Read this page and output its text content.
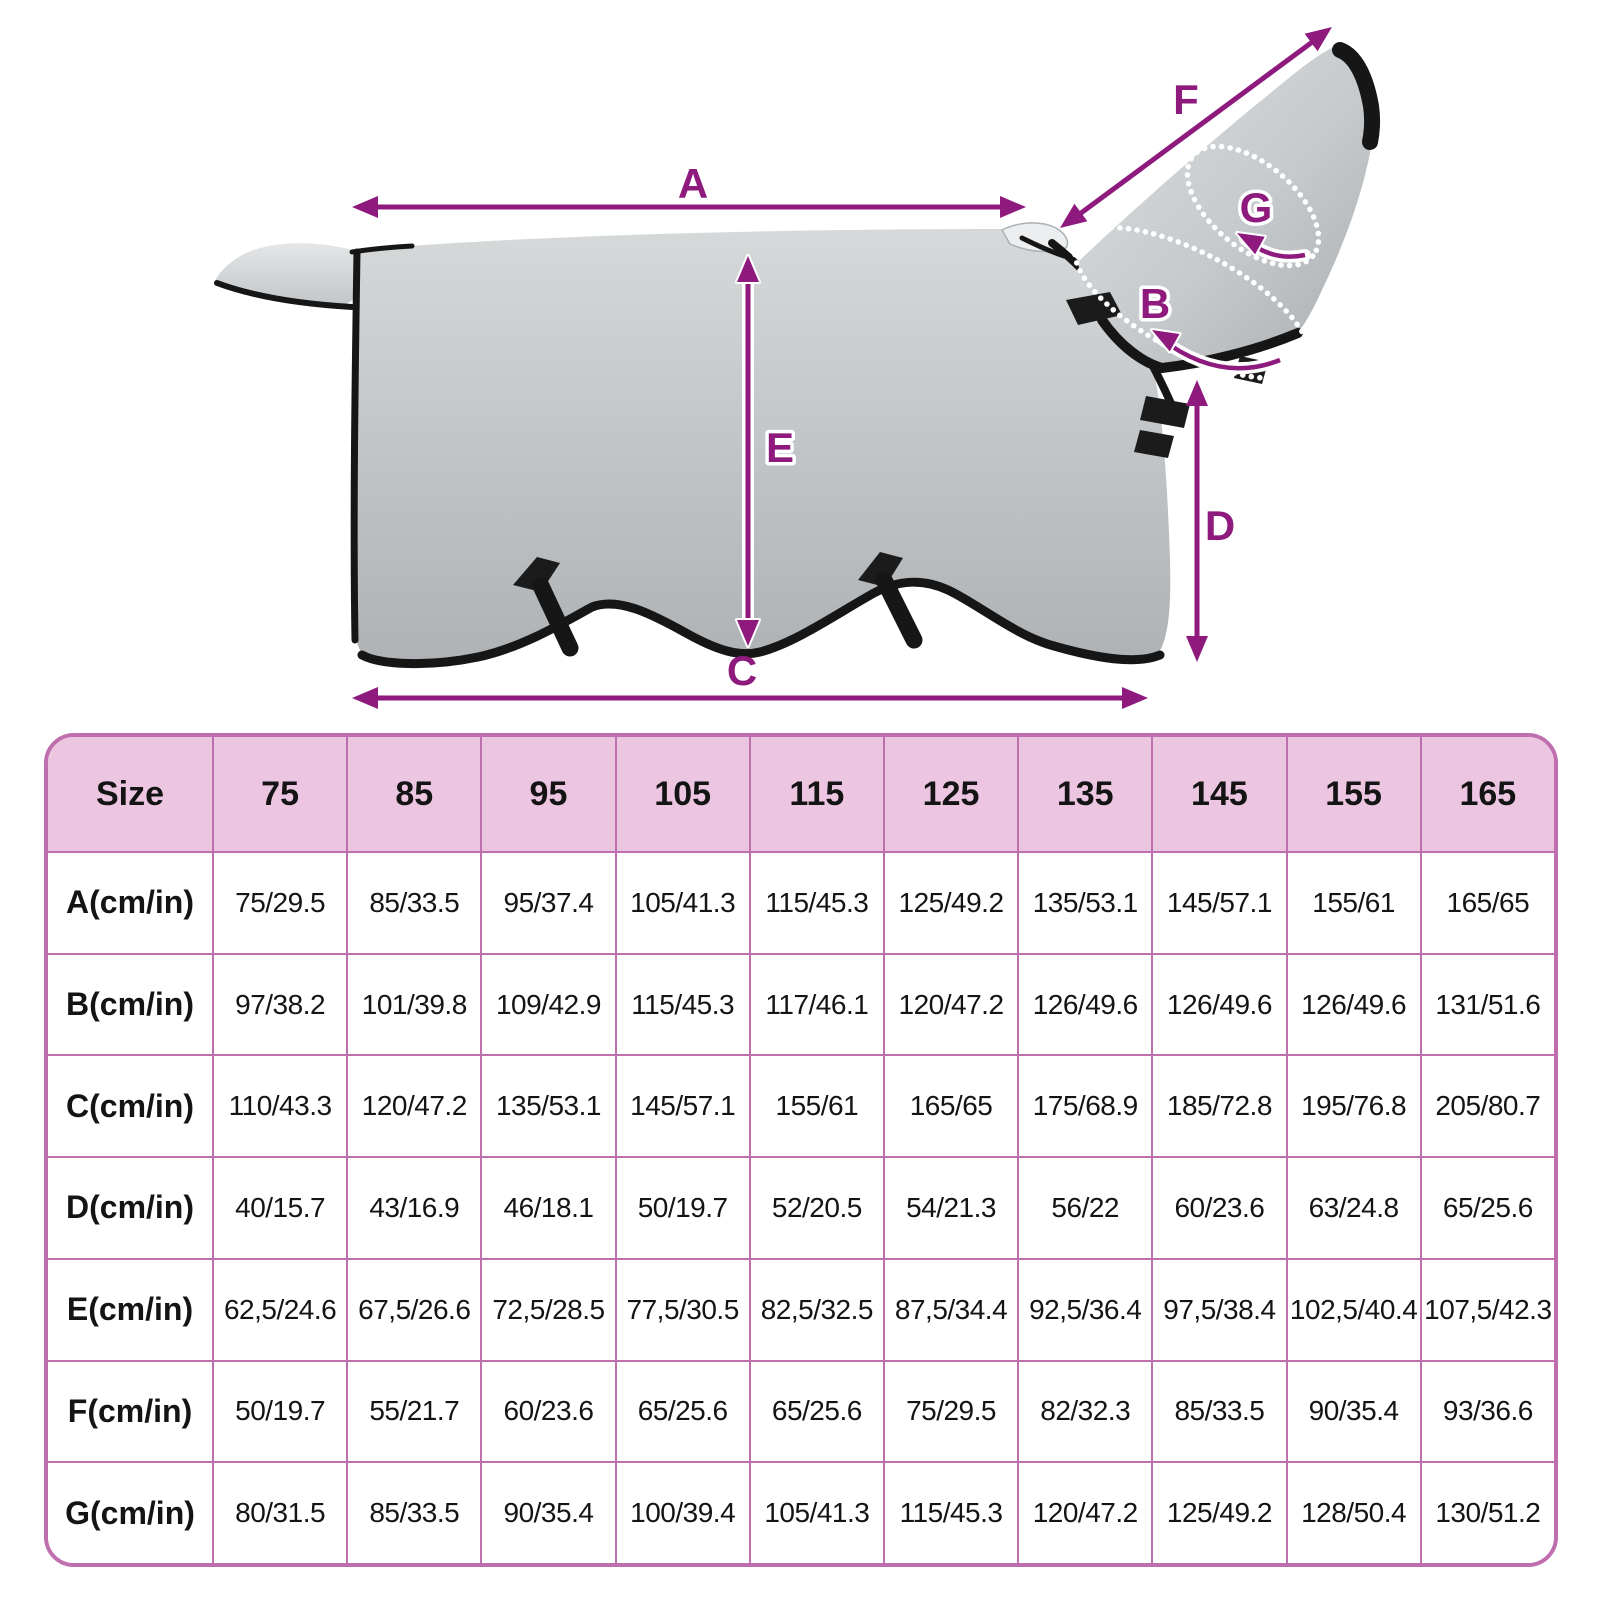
A
C
E
D
F
B
G
Size	75	85	95	105	115	125	135	145	155	165
A(cm/in)	75/29.5	85/33.5	95/37.4	105/41.3	115/45.3	125/49.2	135/53.1	145/57.1	155/61	165/65
B(cm/in)	97/38.2	101/39.8	109/42.9	115/45.3	117/46.1	120/47.2	126/49.6	126/49.6	126/49.6	131/51.6
C(cm/in)	110/43.3	120/47.2	135/53.1	145/57.1	155/61	165/65	175/68.9	185/72.8	195/76.8	205/80.7
D(cm/in)	40/15.7	43/16.9	46/18.1	50/19.7	52/20.5	54/21.3	56/22	60/23.6	63/24.8	65/25.6
E(cm/in)	62,5/24.6	67,5/26.6	72,5/28.5	77,5/30.5	82,5/32.5	87,5/34.4	92,5/36.4	97,5/38.4	102,5/40.4	107,5/42.3
F(cm/in)	50/19.7	55/21.7	60/23.6	65/25.6	65/25.6	75/29.5	82/32.3	85/33.5	90/35.4	93/36.6
G(cm/in)	80/31.5	85/33.5	90/35.4	100/39.4	105/41.3	115/45.3	120/47.2	125/49.2	128/50.4	130/51.2
